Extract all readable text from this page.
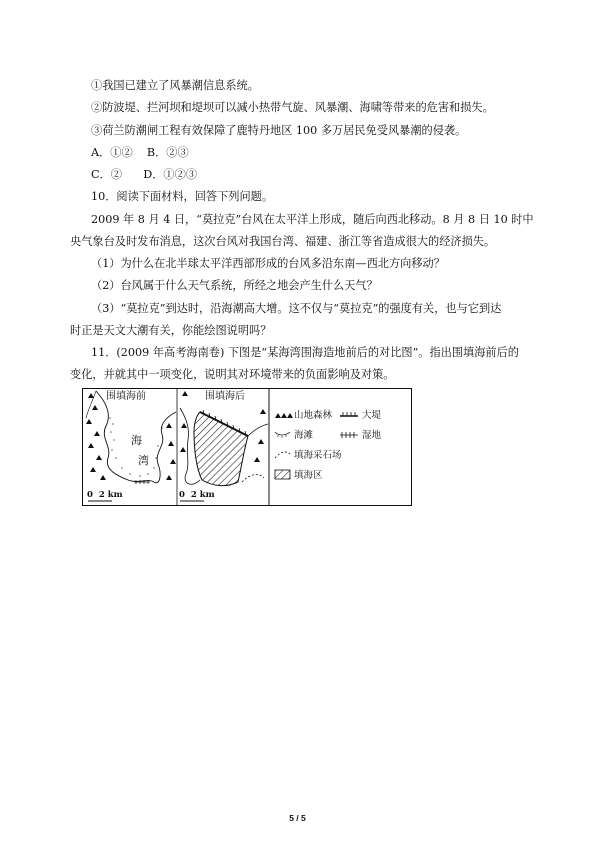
①我国已建立了风暴潮信息系统。
②防波堤、拦河坝和堤坝可以减小热带气旋、风暴潮、海啸等带来的危害和损失。
③荷兰防潮闸工程有效保障了鹿特丹地区 100 多万居民免受风暴潮的侵袭。
A．①②    B．②③
C．②      D．①②③
10．阅读下面材料，回答下列问题。
2009 年 8 月 4 日，“莫拉克”台风在太平洋上形成，随后向西北移动。8 月 8 日 10 时中
央气象台及时发布消息，这次台风对我国台湾、福建、浙江等省造成很大的经济损失。
（1）为什么在北半球太平洋西部形成的台风多沿东南—西北方向移动？
（2）台风属于什么天气系统，所经之地会产生什么天气？
（3）“莫拉克”到达时，沿海潮高大增。这不仅与“莫拉克”的强度有关，也与它到达
时正是天文大潮有关，你能绘图说明吗？
11．(2009 年高考海南卷) 下图是“某海湾围海造地前后的对比图”。指出围填海前后的
变化，并就其中一项变化，说明其对环境带来的负面影响及对策。
围填海前
海
湾
0  2 km
围填海后
0  2 km
山地森林	大堤
海滩	湿地
填海采石场
填海区
5 / 5
